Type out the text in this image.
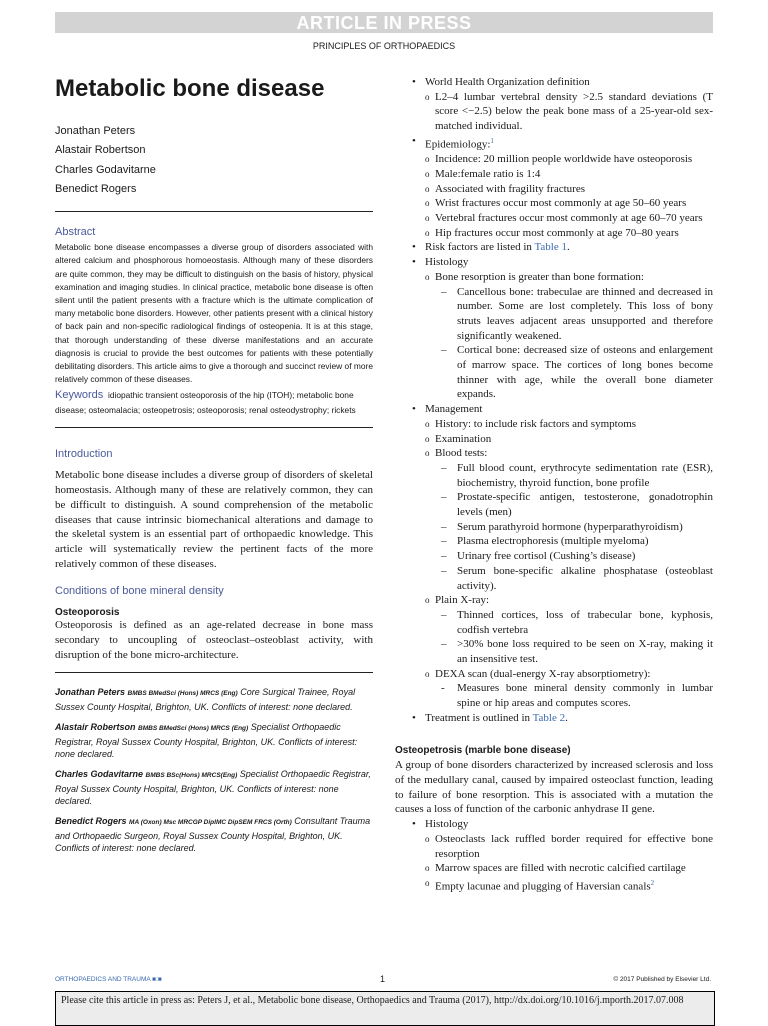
ARTICLE IN PRESS
PRINCIPLES OF ORTHOPAEDICS
Metabolic bone disease
Jonathan Peters
Alastair Robertson
Charles Godavitarne
Benedict Rogers

Abstract

Metabolic bone disease encompasses a diverse group of disorders associated with altered calcium and phosphorous homoeostasis. Although many of these disorders are quite common, they may be difficult to distinguish on the basis of history, physical examination and imaging studies. In clinical practice, metabolic bone disease is often silent until the patient presents with a fracture which is the ultimate complication of many metabolic bone disorders. However, other patients present with a clinical history of back pain and non-specific radiological findings of osteopenia. It is at this stage, that thorough understanding of these diverse manifestations and an accurate diagnosis is crucial to provide the best outcomes for patients with these potentially debilitating disorders. This article aims to give a thorough and succinct review of more relatively common of these diseases.

Keywords idiopathic transient osteoporosis of the hip (ITOH); metabolic bone disease; osteomalacia; osteopetrosis; osteoporosis; renal osteodystrophy; rickets

Introduction

Metabolic bone disease includes a diverse group of disorders of skeletal homeostasis. Although many of these are relatively common, they can be difficult to distinguish. A sound comprehension of the metabolic diseases that cause intrinsic biomechanical alterations and damage to the skeletal system is an essential part of orthopaedic knowledge. This article will systematically review the pertinent facts of the more relatively common of these diseases.

Conditions of bone mineral density

Osteoporosis

Osteoporosis is defined as an age-related decrease in bone mass secondary to uncoupling of osteoclast–osteoblast activity, with disruption of the bone micro-architecture.

Jonathan Peters BMBS BMedSci (Hons) MRCS (Eng) Core Surgical Trainee, Royal Sussex County Hospital, Brighton, UK. Conflicts of interest: none declared.

Alastair Robertson BMBS BMedSci (Hons) MRCS (Eng) Specialist Orthopaedic Registrar, Royal Sussex County Hospital, Brighton, UK. Conflicts of interest: none declared.

Charles Godavitarne BMBS BSc(Hons) MRCS(Eng) Specialist Orthopaedic Registrar, Royal Sussex County Hospital, Brighton, UK. Conflicts of interest: none declared.

Benedict Rogers MA (Oxon) Msc MRCGP DipIMC DipSEM FRCS (Orth) Consultant Trauma and Orthopaedic Surgeon, Royal Sussex County Hospital, Brighton, UK. Conflicts of interest: none declared.

• World Health Organization definition
o L2–4 lumbar vertebral density >2.5 standard deviations (T score <−2.5) below the peak bone mass of a 25-year-old sex-matched individual.
• Epidemiology:$^1$
o Incidence: 20 million people worldwide have osteoporosis
o Male:female ratio is 1:4
o Associated with fragility fractures
o Wrist fractures occur most commonly at age 50–60 years
o Vertebral fractures occur most commonly at age 60–70 years
o Hip fractures occur most commonly at age 70–80 years
• Risk factors are listed in Table 1.
• Histology
o Bone resorption is greater than bone formation:
– Cancellous bone: trabeculae are thinned and decreased in number. Some are lost completely. This loss of bony struts leaves adjacent areas unsupported and therefore significantly weakened.
– Cortical bone: decreased size of osteons and enlargement of marrow space. The cortices of long bones become thinner with age, while the overall bone diameter expands.
• Management
o History: to include risk factors and symptoms
o Examination
o Blood tests:
– Full blood count, erythrocyte sedimentation rate (ESR), biochemistry, thyroid function, bone profile
– Prostate-specific antigen, testosterone, gonadotrophin levels (men)
– Serum parathyroid hormone (hyperparathyroidism)
– Plasma electrophoresis (multiple myeloma)
– Urinary free cortisol (Cushing’s disease)
– Serum bone-specific alkaline phosphatase (osteoblast activity).
o Plain X-ray:
– Thinned cortices, loss of trabecular bone, kyphosis, codfish vertebra
– >30% bone loss required to be seen on X-ray, making it an insensitive test.
o DEXA scan (dual-energy X-ray absorptiometry):
- Measures bone mineral density commonly in lumbar spine or hip areas and computes scores.
• Treatment is outlined in Table 2.

Osteopetrosis (marble bone disease)

A group of bone disorders characterized by increased sclerosis and loss of the medullary canal, caused by impaired osteoclast function, leading to failure of bone resorption. This is associated with a mutation the causes a loss of function of the carbonic anhydrase II gene.

• Histology
o Osteoclasts lack ruffled border required for effective bone resorption
o Marrow spaces are filled with necrotic calcified cartilage
o Empty lacunae and plugging of Haversian canals$^2$
ORTHOPAEDICS AND TRAUMA ■:■	1	© 2017 Published by Elsevier Ltd.
Please cite this article in press as: Peters J, et al., Metabolic bone disease, Orthopaedics and Trauma (2017), http://dx.doi.org/10.1016/j.mporth.2017.07.008
